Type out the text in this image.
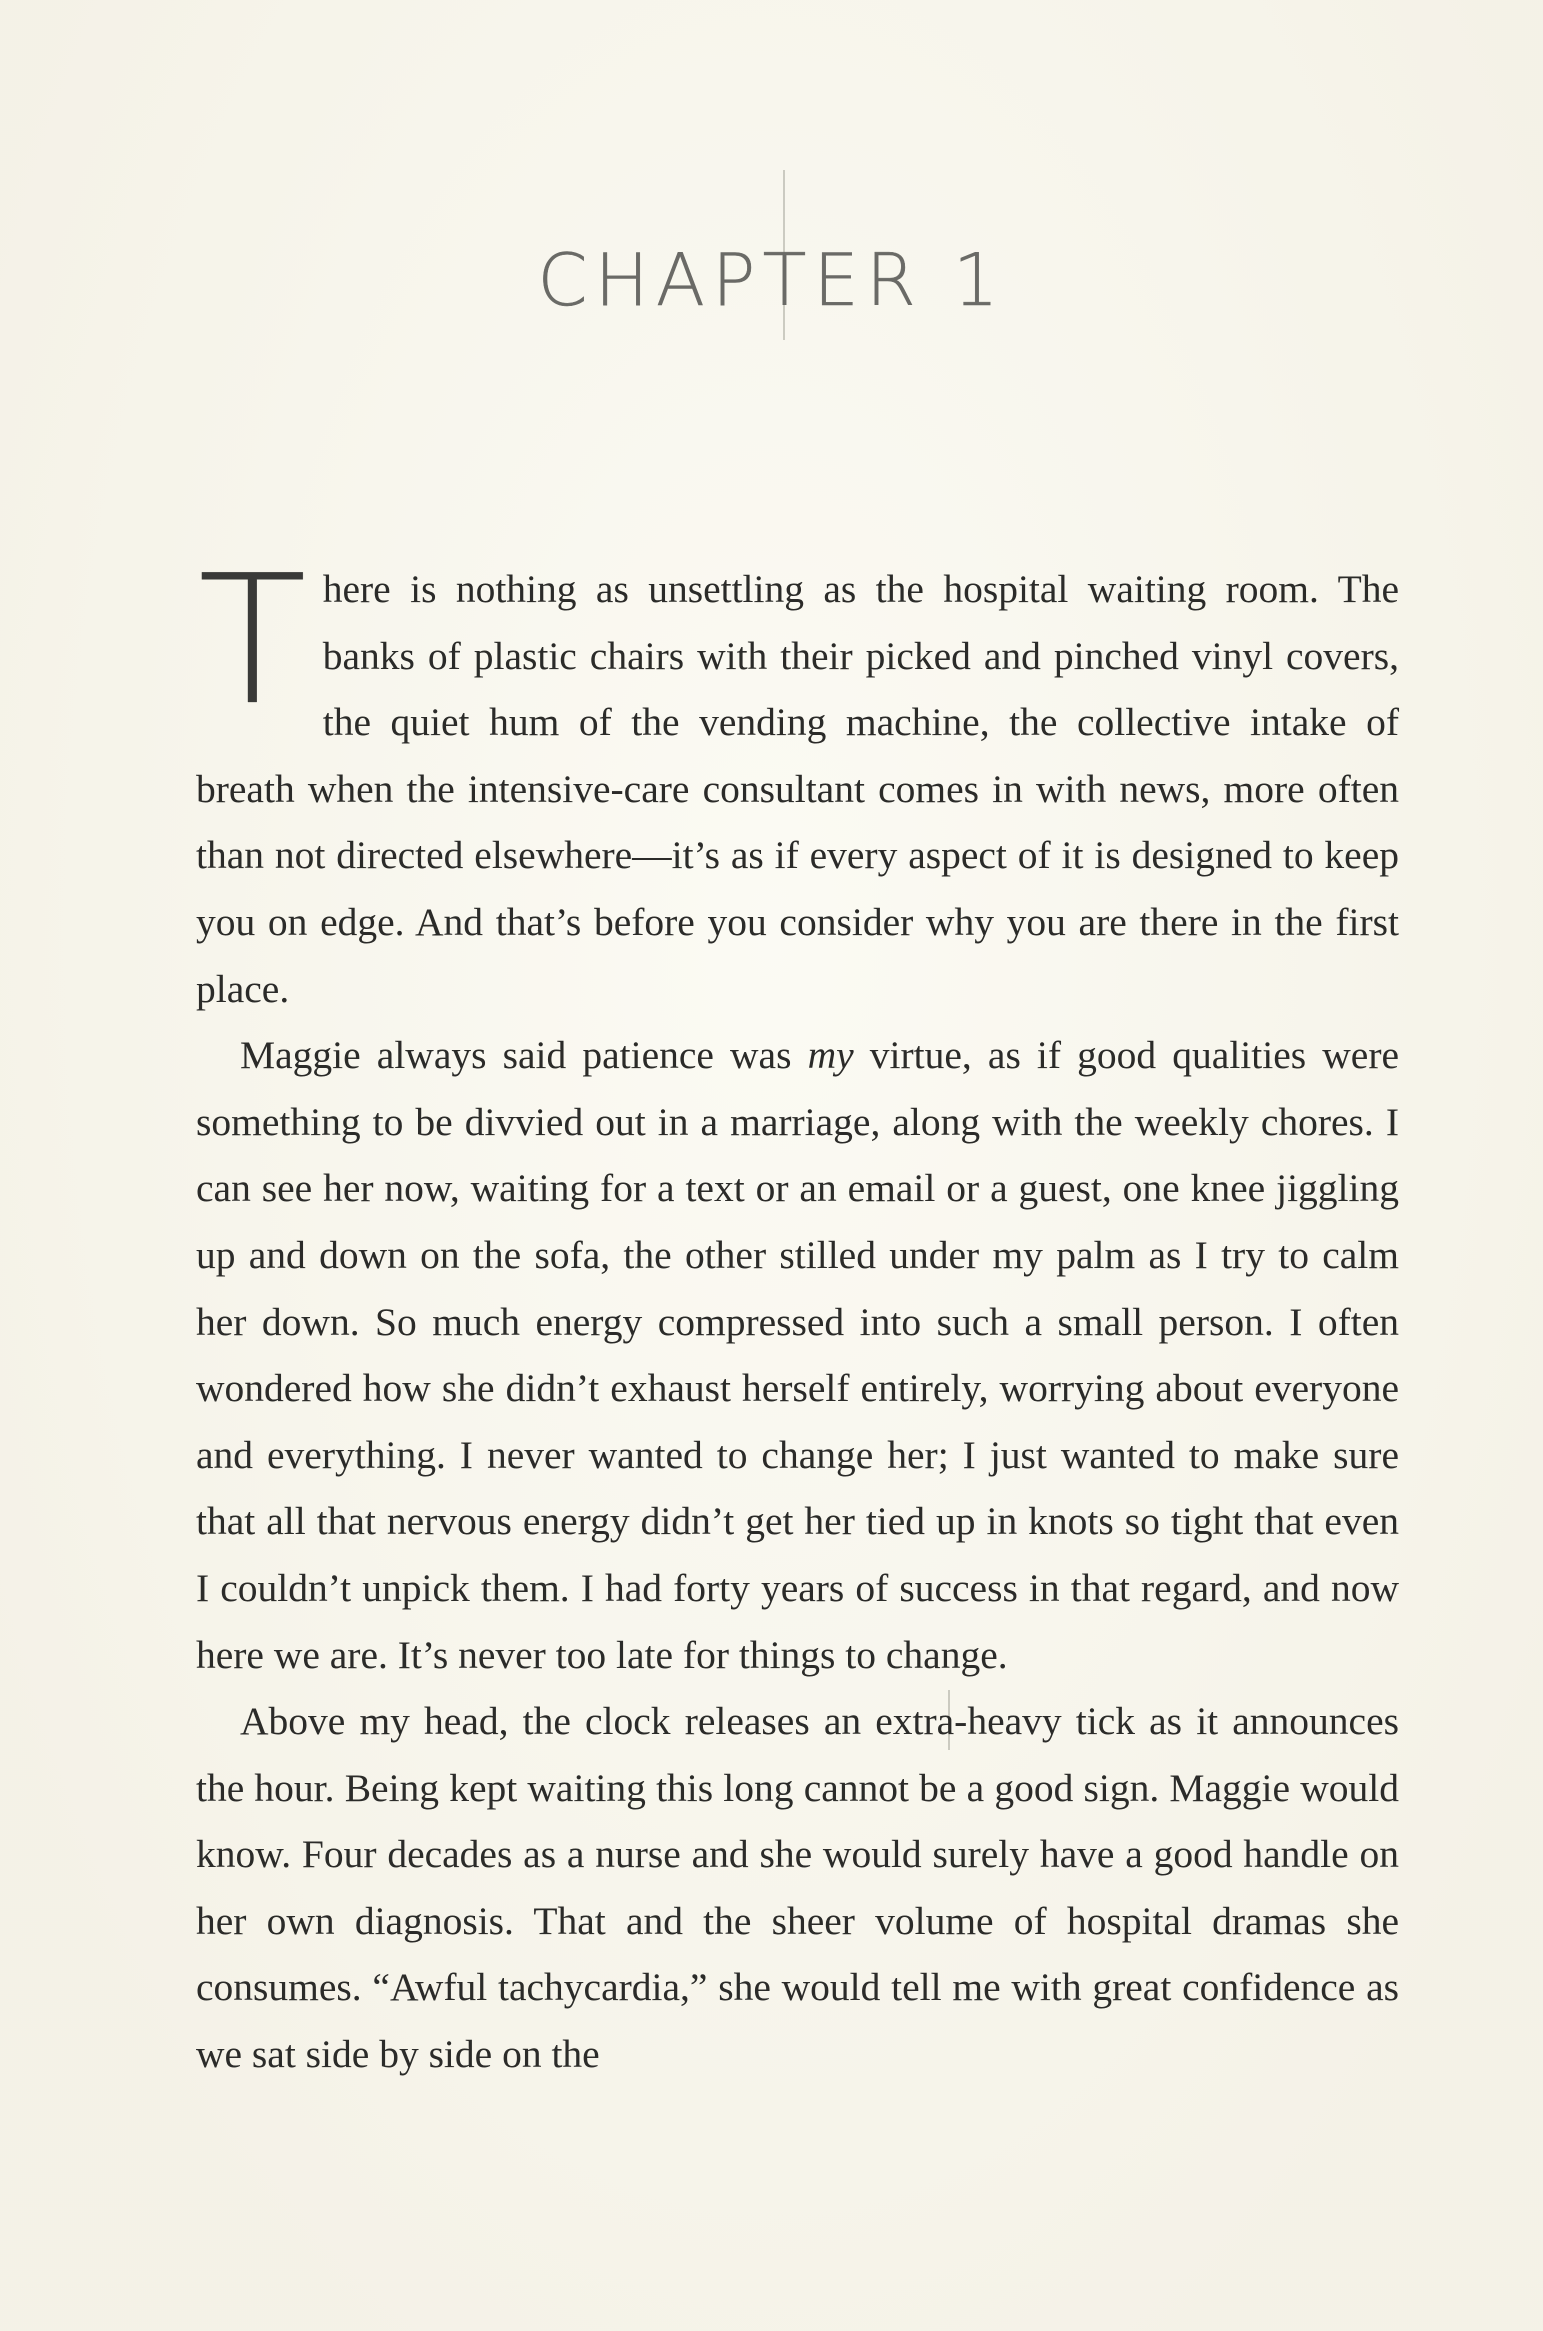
CHAPTER 1

There is nothing as unsettling as the hospital waiting room. The banks of plastic chairs with their picked and pinched vinyl covers, the quiet hum of the vending machine, the collective intake of breath when the intensive-care consultant comes in with news, more often than not directed elsewhere—it’s as if every aspect of it is designed to keep you on edge. And that’s before you consider why you are there in the first place.

Maggie always said patience was my virtue, as if good qualities were something to be divvied out in a marriage, along with the weekly chores. I can see her now, waiting for a text or an email or a guest, one knee jiggling up and down on the sofa, the other stilled under my palm as I try to calm her down. So much energy compressed into such a small person. I often wondered how she didn’t exhaust herself entirely, worrying about everyone and everything. I never wanted to change her; I just wanted to make sure that all that nervous energy didn’t get her tied up in knots so tight that even I couldn’t unpick them. I had forty years of success in that regard, and now here we are. It’s never too late for things to change.

Above my head, the clock releases an extra-heavy tick as it announces the hour. Being kept waiting this long cannot be a good sign. Maggie would know. Four decades as a nurse and she would surely have a good handle on her own diagnosis. That and the sheer volume of hospital dramas she consumes. “Awful tachycardia,” she would tell me with great confidence as we sat side by side on the
